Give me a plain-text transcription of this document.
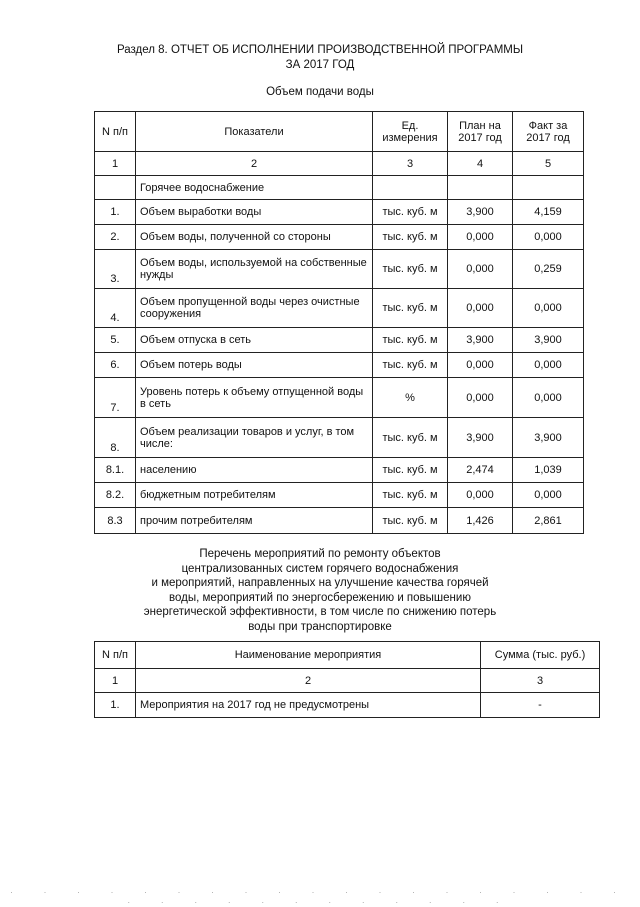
Раздел 8. ОТЧЕТ ОБ ИСПОЛНЕНИИ ПРОИЗВОДСТВЕННОЙ ПРОГРАММЫ
ЗА 2017 ГОД
Объем подачи воды
N п/п	Показатели	Ед. измерения	План на 2017 год	Факт за 2017 год
1	2	3	4	5
	Горячее водоснабжение			
1.	Объем выработки воды	тыс. куб. м	3,900	4,159
2.	Объем воды, полученной со стороны	тыс. куб. м	0,000	0,000
3.	Объем воды, используемой на собственные нужды	тыс. куб. м	0,000	0,259
4.	Объем пропущенной воды через очистные сооружения	тыс. куб. м	0,000	0,000
5.	Объем отпуска в сеть	тыс. куб. м	3,900	3,900
6.	Объем потерь воды	тыс. куб. м	0,000	0,000
7.	Уровень потерь к объему отпущенной воды в сеть	%	0,000	0,000
8.	Объем реализации товаров и услуг, в том числе:	тыс. куб. м	3,900	3,900
8.1.	населению	тыс. куб. м	2,474	1,039
8.2.	бюджетным потребителям	тыс. куб. м	0,000	0,000
8.3	прочим потребителям	тыс. куб. м	1,426	2,861
Перечень мероприятий по ремонту объектов
централизованных систем горячего водоснабжения
и мероприятий, направленных на улучшение качества горячей
воды, мероприятий по энергосбережению и повышению
энергетической эффективности, в том числе по снижению потерь
воды при транспортировке
N п/п	Наименование мероприятия	Сумма (тыс. руб.)
1	2	3
1.	Мероприятия на 2017 год не предусмотрены	-
· · · · · · · · · · · · · · · · · · · · · · · · · · · · · · ·
